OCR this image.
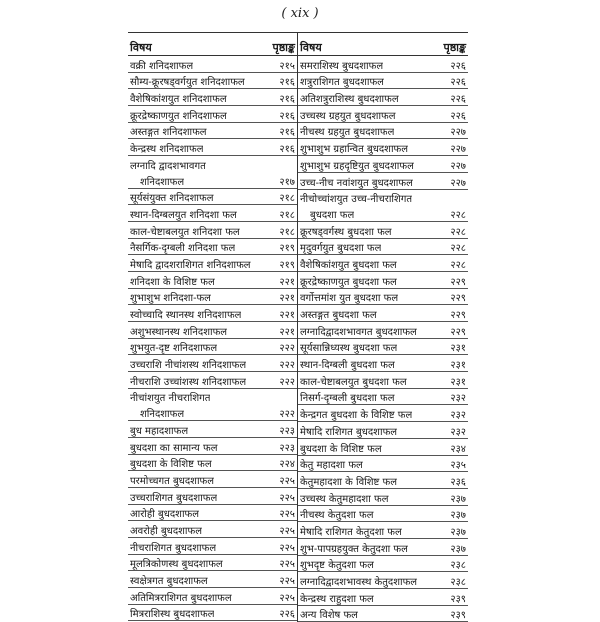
( xix )
विषय	पृष्ठाङ्क
वक्री शनिदशाफल	२१५
सौम्य-क्रूरषड्वर्गयुत शनिदशाफल	२१६
वैशेषिकांशयुत शनिदशाफल	२१६
क्रूरद्रेष्काणयुत शनिदशाफल	२१६
अस्तङ्गत शनिदशाफल	२१६
केन्द्रस्थ शनिदशाफल	२१६
लग्नादि द्वादशभावगत
शनिदशाफल	२१७
सूर्यसंयुक्त शनिदशाफल	२१८
स्थान-दिग्बलयुत शनिदशा फल	२१८
काल-चेष्टाबलयुत शनिदशा फल	२१८
नैसर्गिक-दृग्बली शनिदशा फल	२१९
मेषादि द्वादशराशिगत शनिदशाफल	२१९
शनिदशा के विशिष्ट फल	२२१
शुभाशुभ शनिदशा-फल	२२१
स्वोच्चादि स्थानस्थ शनिदशाफल	२२१
अशुभस्थानस्थ शनिदशाफल	२२१
शुभयुत-दृष्ट शनिदशाफल	२२२
उच्चराशि नीचांशस्थ शनिदशाफल	२२२
नीचराशि उच्चांशस्थ शनिदशाफल	२२२
नीचांशयुत नीचराशिगत
शनिदशाफल	२२२
बुध महादशाफल	२२३
बुधदशा का सामान्य फल	२२३
बुधदशा के विशिष्ट फल	२२४
परमोच्चगत बुधदशाफल	२२५
उच्चराशिगत बुधदशाफल	२२५
आरोही बुधदशाफल	२२५
अवरोही बुधदशाफल	२२५
नीचराशिगत बुधदशाफल	२२५
मूलत्रिकोणस्थ बुधदशाफल	२२५
स्वक्षेत्रगत बुधदशाफल	२२५
अतिमित्रराशिगत बुधदशाफल	२२५
मित्रराशिस्थ बुधदशाफल	२२६
विषय	पृष्ठाङ्क
समराशिस्थ बुधदशाफल	२२६
शत्रुराशिगत बुधदशाफल	२२६
अतिशत्रुराशिस्थ बुधदशाफल	२२६
उच्चस्थ ग्रहयुत बुधदशाफल	२२६
नीचस्थ ग्रहयुत बुधदशाफल	२२७
शुभाशुभ ग्रहान्वित बुधदशाफल	२२७
शुभाशुभ ग्रहदृष्टियुत बुधदशाफल	२२७
उच्च-नीच नवांशयुत बुधदशाफल	२२७
नीचोच्चांशयुत उच्च-नीचराशिगत
बुधदशा फल	२२८
क्रूरषड्वर्गस्थ बुधदशा फल	२२८
मृदुवर्गयुत बुधदशा फल	२२८
वैशेषिकांशयुत बुधदशा फल	२२८
क्रूरद्रेष्काणयुत बुधदशा फल	२२९
वर्गोत्तमांश युत बुधदशा फल	२२९
अस्तङ्गत बुधदशा फल	२२९
लग्नादिद्वादशभावगत बुधदशाफल	२२९
सूर्यसान्निध्यस्थ बुधदशा फल	२३१
स्थान-दिग्बली बुधदशा फल	२३१
काल-चेष्टाबलयुत बुधदशा फल	२३१
निसर्ग-दृग्बली बुधदशा फल	२३२
केन्द्रगत बुधदशा के विशिष्ट फल	२३२
मेषादि राशिगत बुधदशाफल	२३२
बुधदशा के विशिष्ट फल	२३४
केतु महादशा फल	२३५
केतुमहादशा के विशिष्ट फल	२३६
उच्चस्थ केतुमहादशा फल	२३७
नीचस्थ केतुदशा फल	२३७
मेषादि राशिगत केतुदशा फल	२३७
शुभ-पापग्रहयुक्त केतुदशा फल	२३७
शुभदृष्ट केतुदशा फल	२३८
लग्नादिद्वादशभावस्थ केतुदशाफल	२३८
केन्द्रस्थ राहुदशा फल	२३९
अन्य विशेष फल	२३९
